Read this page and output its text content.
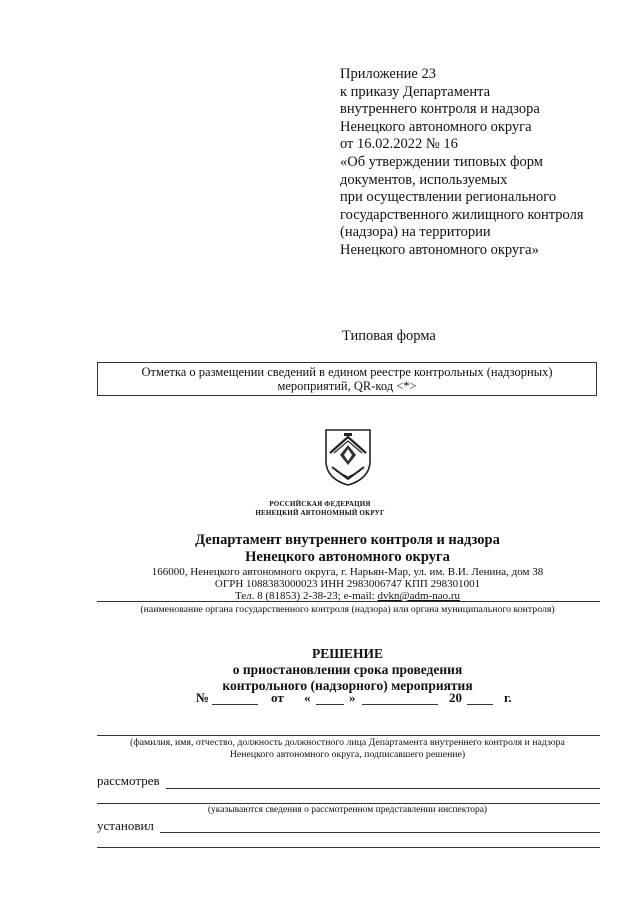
Приложение 23
к приказу Департамента
внутреннего контроля и надзора
Ненецкого автономного округа
от 16.02.2022 № 16
«Об утверждении типовых форм
документов, используемых
при осуществлении регионального
государственного жилищного контроля
(надзора) на территории
Ненецкого автономного округа»
Типовая форма
Отметка о размещении сведений в едином реестре контрольных (надзорных)
мероприятий, QR-код <*>
РОССИЙСКАЯ ФЕДЕРАЦИЯ
НЕНЕЦКИЙ АВТОНОМНЫЙ ОКРУГ
Департамент внутреннего контроля и надзора
Ненецкого автономного округа
166000, Ненецкого автономного округа, г. Нарьян-Мар, ул. им. В.И. Ленина, дом 38
ОГРН 1088383000023 ИНН 2983006747 КПП 298301001
Тел. 8 (81853) 2-38-23; e-mail: dvkn@adm-nao.ru
(наименование органа государственного контроля (надзора) или органа муниципального контроля)
РЕШЕНИЕ
о приостановлении срока проведения
контрольного (надзорного) мероприятия
№	от «	»	20	г.
(фамилия, имя, отчество, должность должностного лица Департамента внутреннего контроля и надзора
Ненецкого автономного округа, подписавшего решение)
рассмотрев
(указываются сведения о рассмотренном представлении инспектора)
установил
